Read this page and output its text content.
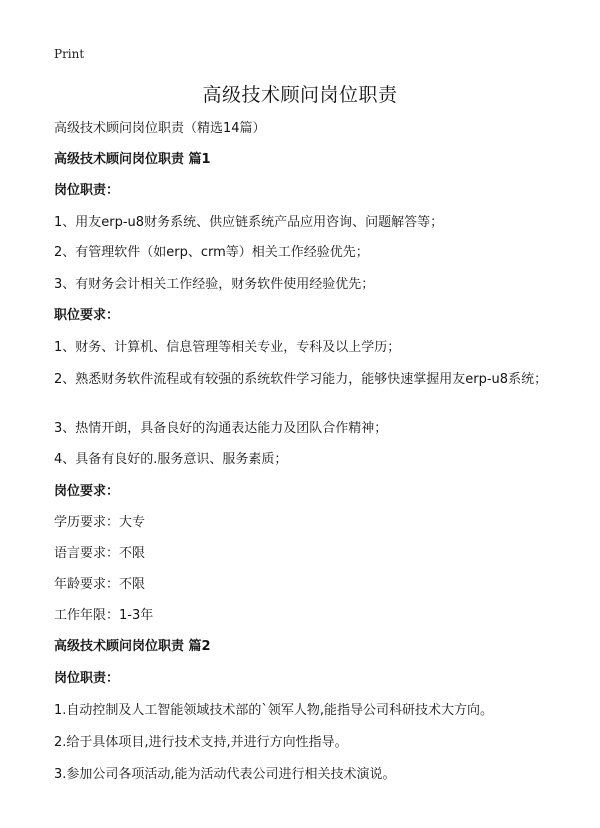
Print
高级技术顾问岗位职责
高级技术顾问岗位职责（精选14篇）
高级技术顾问岗位职责 篇1
岗位职责：
1、用友erp-u8财务系统、供应链系统产品应用咨询、问题解答等；
2、有管理软件（如erp、crm等）相关工作经验优先；
3、有财务会计相关工作经验，财务软件使用经验优先；
职位要求：
1、财务、计算机、信息管理等相关专业，专科及以上学历；
2、熟悉财务软件流程或有较强的系统软件学习能力，能够快速掌握用友erp-u8系统；
3、热情开朗，具备良好的沟通表达能力及团队合作精神；
4、具备有良好的.服务意识、服务素质；
岗位要求：
学历要求：大专
语言要求：不限
年龄要求：不限
工作年限：1-3年
高级技术顾问岗位职责 篇2
岗位职责：
1.自动控制及人工智能领域技术部的`领军人物,能指导公司科研技术大方向。
2.给于具体项目,进行技术支持,并进行方向性指导。
3.参加公司各项活动,能为活动代表公司进行相关技术演说。
